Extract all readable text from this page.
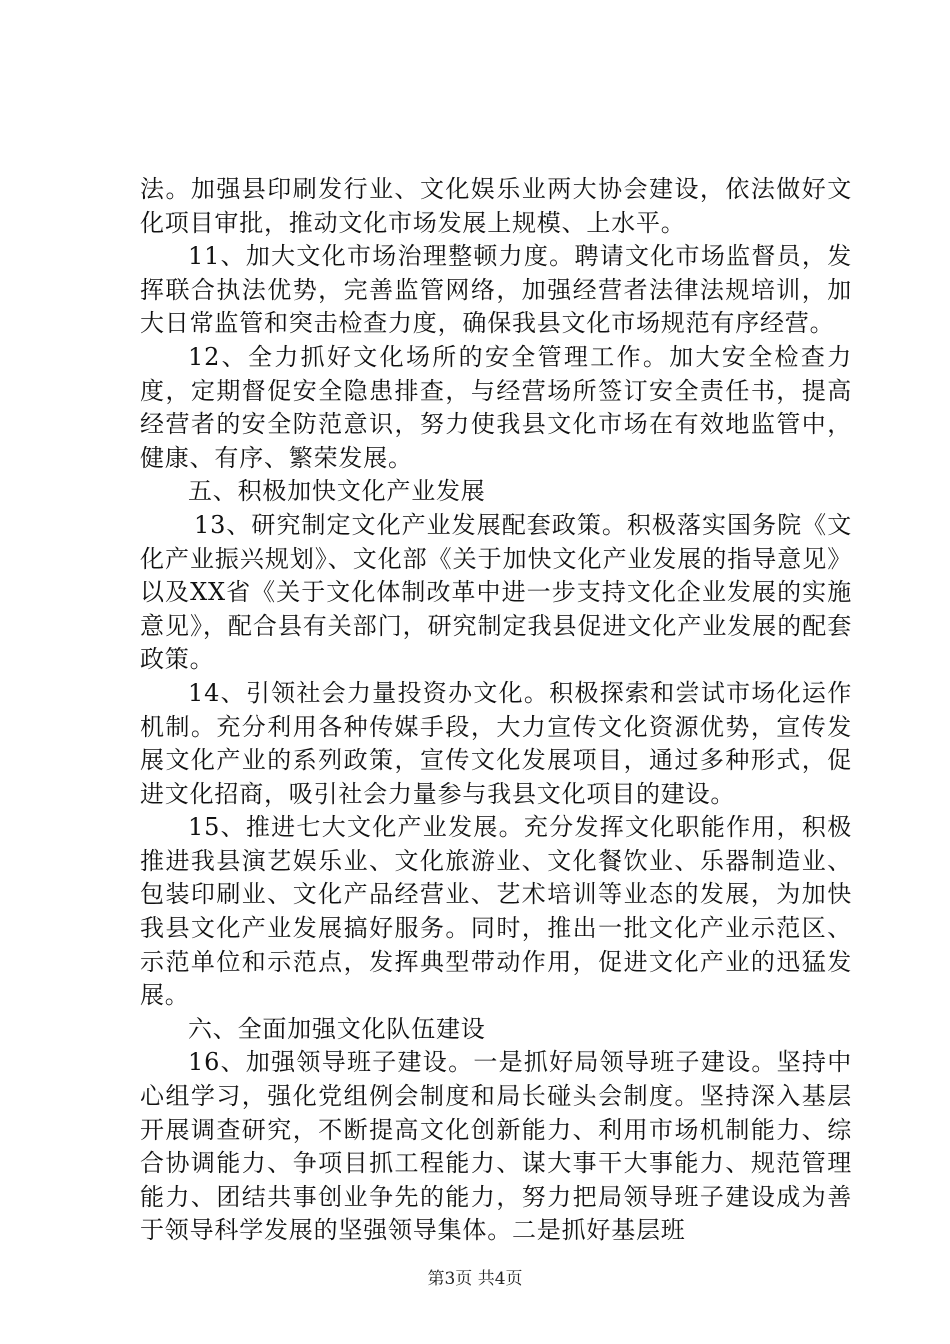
法。加强县印刷发行业、文化娱乐业两大协会建设，依法做好文化项目审批，推动文化市场发展上规模、上水平。

11、加大文化市场治理整顿力度。聘请文化市场监督员，发挥联合执法优势，完善监管网络，加强经营者法律法规培训，加大日常监管和突击检查力度，确保我县文化市场规范有序经营。

12、全力抓好文化场所的安全管理工作。加大安全检查力度，定期督促安全隐患排查，与经营场所签订安全责任书，提高经营者的安全防范意识，努力使我县文化市场在有效地监管中，健康、有序、繁荣发展。

五、积极加快文化产业发展

13、研究制定文化产业发展配套政策。积极落实国务院《文化产业振兴规划》、文化部《关于加快文化产业发展的指导意见》以及XX省《关于文化体制改革中进一步支持文化企业发展的实施意见》，配合县有关部门，研究制定我县促进文化产业发展的配套政策。

14、引领社会力量投资办文化。积极探索和尝试市场化运作机制。充分利用各种传媒手段，大力宣传文化资源优势，宣传发展文化产业的系列政策，宣传文化发展项目，通过多种形式，促进文化招商，吸引社会力量参与我县文化项目的建设。

15、推进七大文化产业发展。充分发挥文化职能作用，积极推进我县演艺娱乐业、文化旅游业、文化餐饮业、乐器制造业、包装印刷业、文化产品经营业、艺术培训等业态的发展，为加快我县文化产业发展搞好服务。同时，推出一批文化产业示范区、示范单位和示范点，发挥典型带动作用，促进文化产业的迅猛发展。

六、全面加强文化队伍建设

16、加强领导班子建设。一是抓好局领导班子建设。坚持中心组学习，强化党组例会制度和局长碰头会制度。坚持深入基层开展调查研究，不断提高文化创新能力、利用市场机制能力、综合协调能力、争项目抓工程能力、谋大事干大事能力、规范管理能力、团结共事创业争先的能力，努力把局领导班子建设成为善于领导科学发展的坚强领导集体。二是抓好基层班

第3页 共4页
